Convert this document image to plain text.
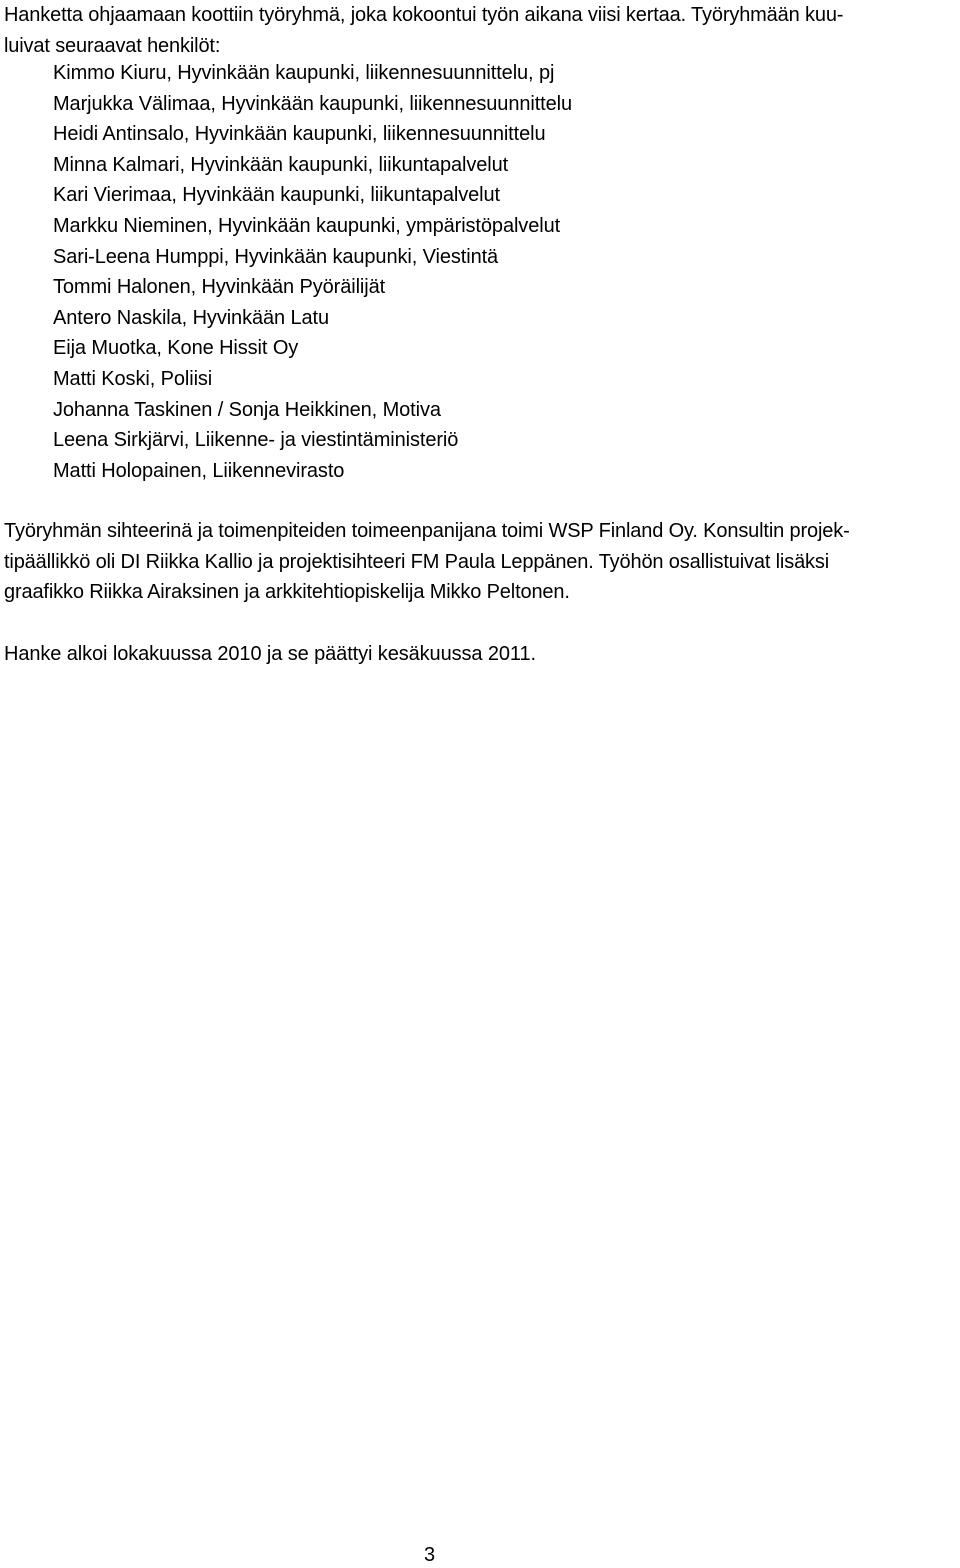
Hanketta ohjaamaan koottiin työryhmä, joka kokoontui työn aikana viisi kertaa. Työryhmään kuu-
luivat seuraavat henkilöt:

Kimmo Kiuru, Hyvinkään kaupunki, liikennesuunnittelu, pj
Marjukka Välimaa, Hyvinkään kaupunki, liikennesuunnittelu
Heidi Antinsalo, Hyvinkään kaupunki, liikennesuunnittelu
Minna Kalmari, Hyvinkään kaupunki, liikuntapalvelut
Kari Vierimaa, Hyvinkään kaupunki, liikuntapalvelut
Markku Nieminen, Hyvinkään kaupunki, ympäristöpalvelut
Sari-Leena Humppi, Hyvinkään kaupunki, Viestintä
Tommi Halonen, Hyvinkään Pyöräilijät
Antero Naskila, Hyvinkään Latu
Eija Muotka, Kone Hissit Oy
Matti Koski, Poliisi
Johanna Taskinen / Sonja Heikkinen, Motiva
Leena Sirkjärvi, Liikenne- ja viestintäministeriö
Matti Holopainen, Liikennevirasto

Työryhmän sihteerinä ja toimenpiteiden toimeenpanijana toimi WSP Finland Oy. Konsultin projek-
tipäällikkö oli DI Riikka Kallio ja projektisihteeri FM Paula Leppänen. Työhön osallistuivat lisäksi
graafikko Riikka Airaksinen ja arkkitehtiopiskelija Mikko Peltonen.

Hanke alkoi lokakuussa 2010 ja se päättyi kesäkuussa 2011.

3
